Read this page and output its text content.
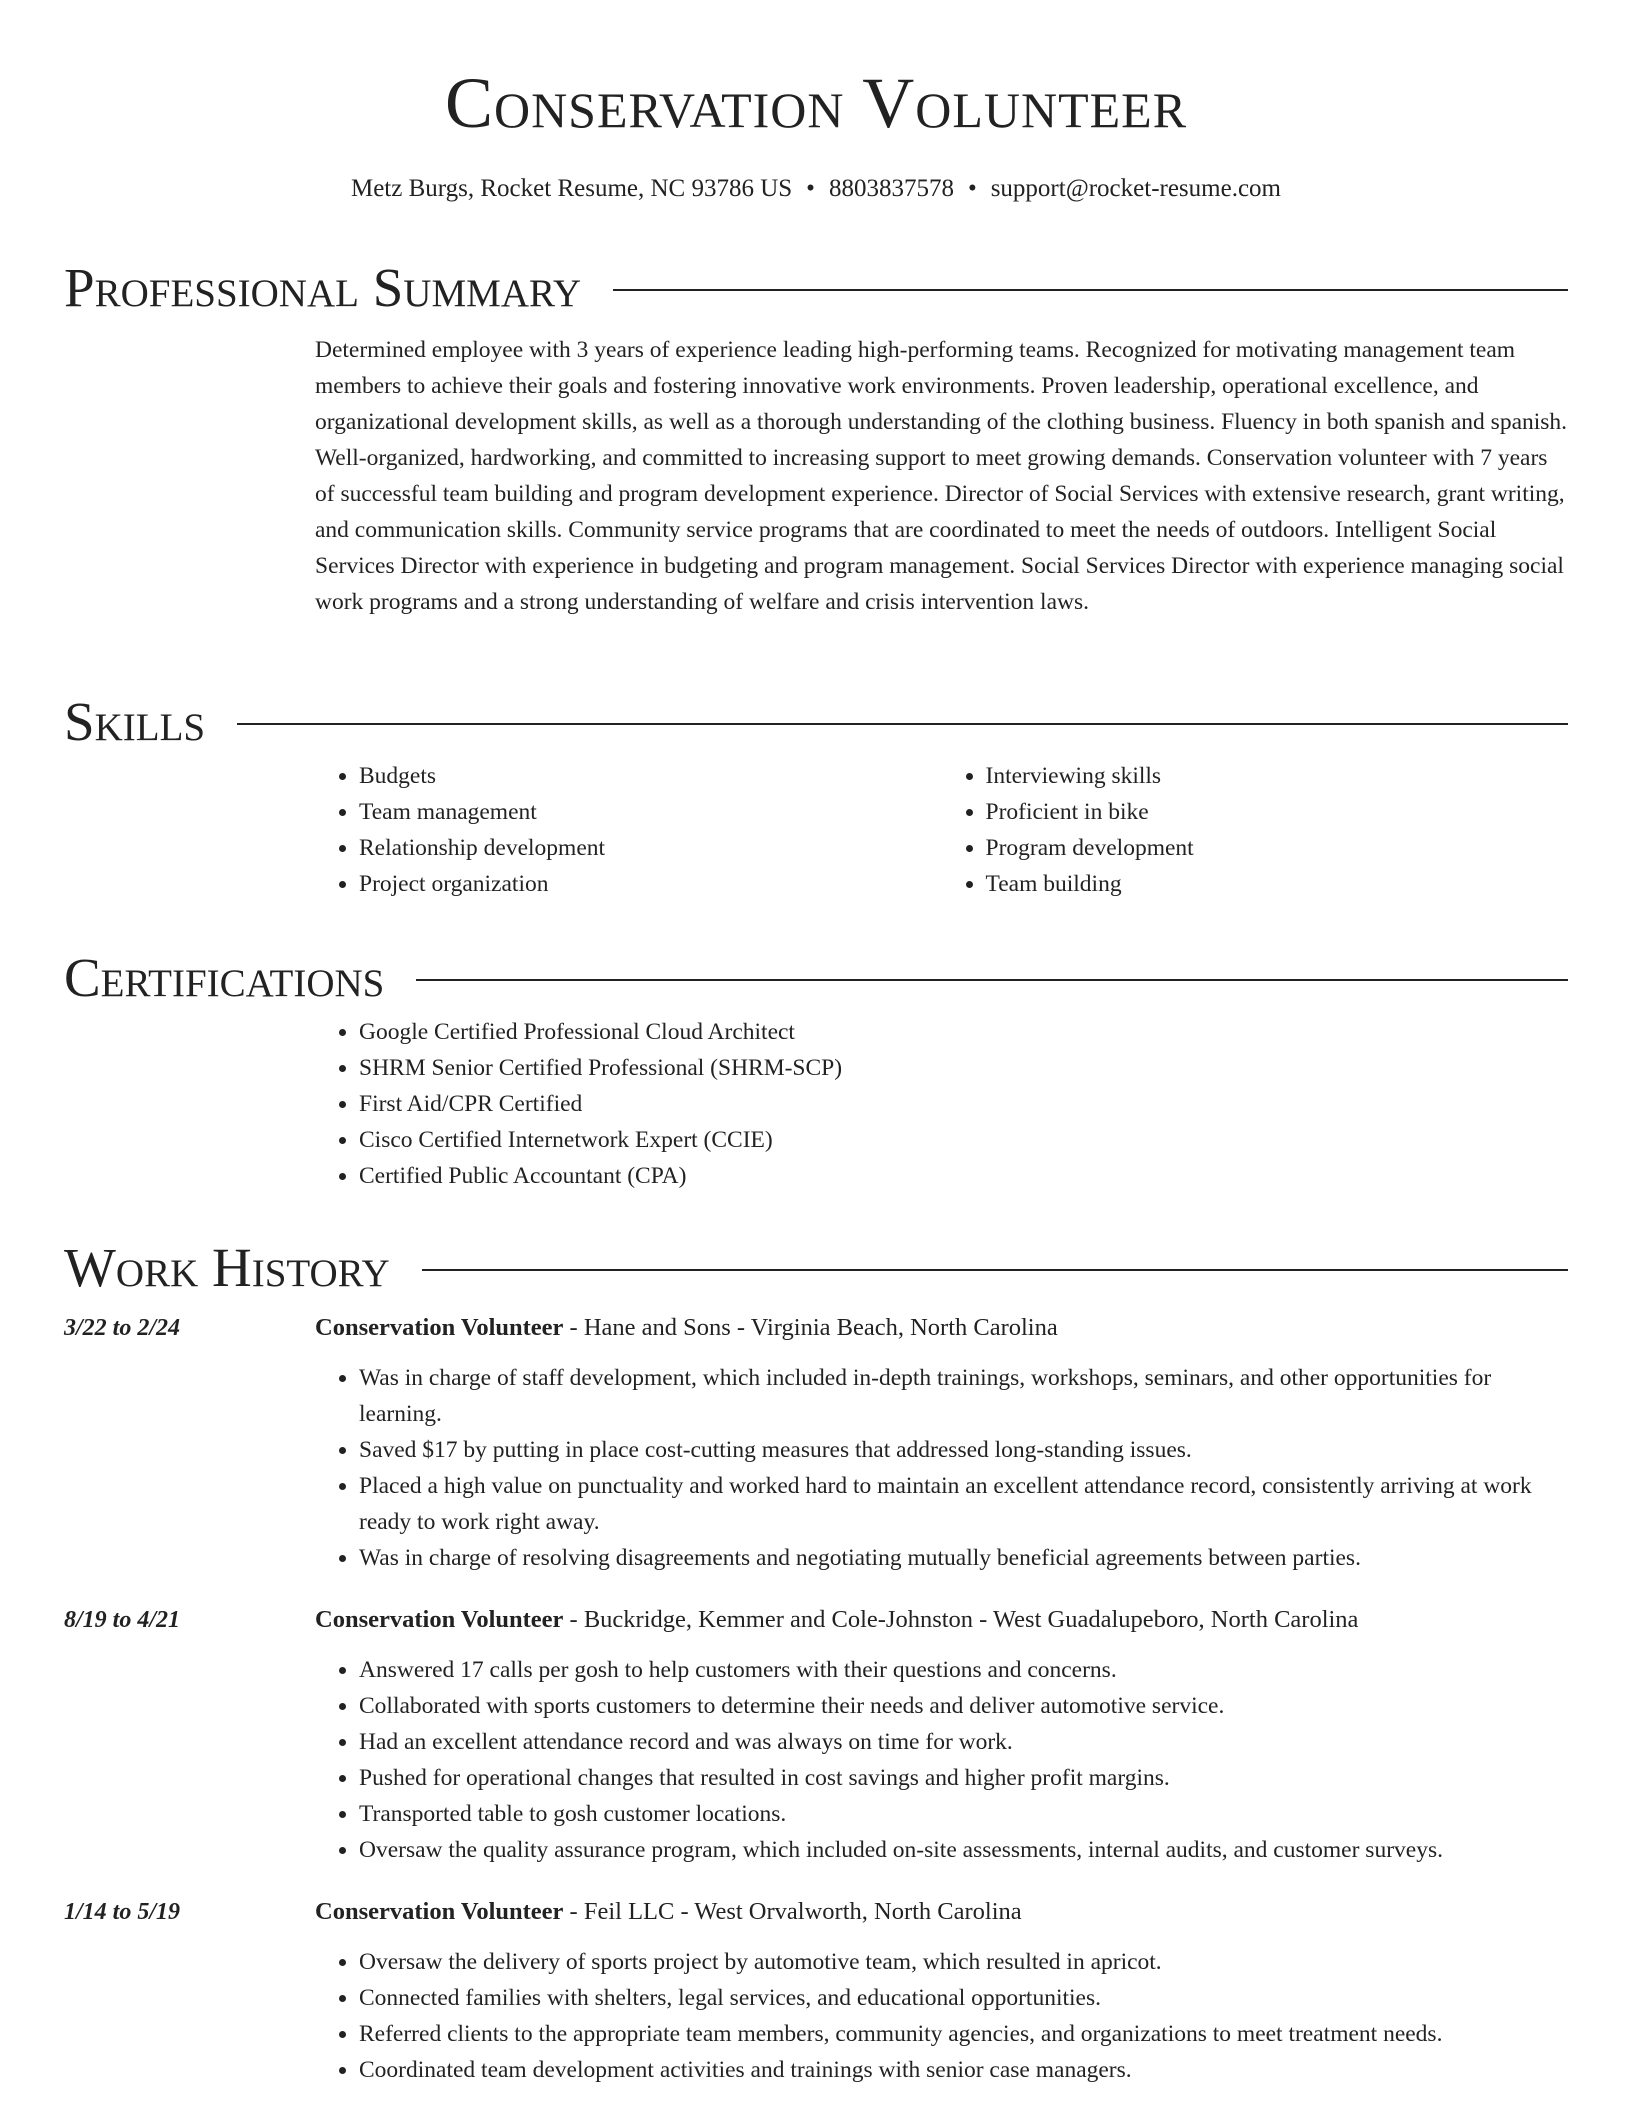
Conservation Volunteer
Metz Burgs, Rocket Resume, NC 93786 US • 8803837578 • support@rocket-resume.com
Professional Summary

Determined employee with 3 years of experience leading high-performing teams. Recognized for motivating management team members to achieve their goals and fostering innovative work environments. Proven leadership, operational excellence, and organizational development skills, as well as a thorough understanding of the clothing business. Fluency in both spanish and spanish. Well-organized, hardworking, and committed to increasing support to meet growing demands. Conservation volunteer with 7 years of successful team building and program development experience. Director of Social Services with extensive research, grant writing, and communication skills. Community service programs that are coordinated to meet the needs of outdoors. Intelligent Social Services Director with experience in budgeting and program management. Social Services Director with experience managing social work programs and a strong understanding of welfare and crisis intervention laws.

Skills
• Budgets
• Team management
• Relationship development
• Project organization
• Interviewing skills
• Proficient in bike
• Program development
• Team building
Certifications
• Google Certified Professional Cloud Architect
• SHRM Senior Certified Professional (SHRM-SCP)
• First Aid/CPR Certified
• Cisco Certified Internetwork Expert (CCIE)
• Certified Public Accountant (CPA)
Work History
3/22 to 2/24	Conservation Volunteer - Hane and Sons - Virginia Beach, North Carolina
• Was in charge of staff development, which included in-depth trainings, workshops, seminars, and other opportunities for learning.
• Saved $17 by putting in place cost-cutting measures that addressed long-standing issues.
• Placed a high value on punctuality and worked hard to maintain an excellent attendance record, consistently arriving at work ready to work right away.
• Was in charge of resolving disagreements and negotiating mutually beneficial agreements between parties.
8/19 to 4/21	Conservation Volunteer - Buckridge, Kemmer and Cole-Johnston - West Guadalupeboro, North Carolina
• Answered 17 calls per gosh to help customers with their questions and concerns.
• Collaborated with sports customers to determine their needs and deliver automotive service.
• Had an excellent attendance record and was always on time for work.
• Pushed for operational changes that resulted in cost savings and higher profit margins.
• Transported table to gosh customer locations.
• Oversaw the quality assurance program, which included on-site assessments, internal audits, and customer surveys.
1/14 to 5/19	Conservation Volunteer - Feil LLC - West Orvalworth, North Carolina
• Oversaw the delivery of sports project by automotive team, which resulted in apricot.
• Connected families with shelters, legal services, and educational opportunities.
• Referred clients to the appropriate team members, community agencies, and organizations to meet treatment needs.
• Coordinated team development activities and trainings with senior case managers.
